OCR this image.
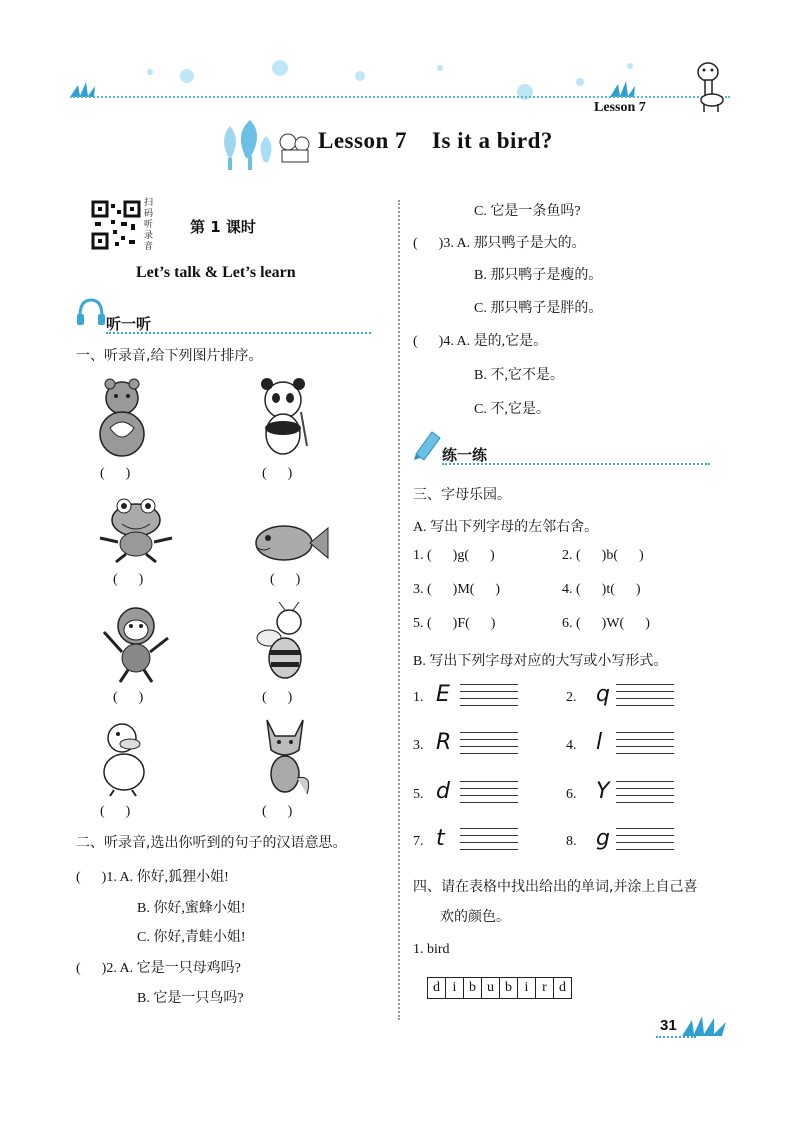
Lesson 7
Lesson 7    Is it a bird?
扫码听录音
第 1 课时
Let’s talk & Let’s learn
听一听
一、听录音,给下列图片排序。
(      )	(      )
(      )	(      )
(      )	(      )
(      )	(      )
二、听录音,选出你听到的句子的汉语意思。
(      )1. A. 你好,狐狸小姐!
B. 你好,蜜蜂小姐!
C. 你好,青蛙小姐!
(      )2. A. 它是一只母鸡吗?
B. 它是一只鸟吗?
C. 它是一条鱼吗?
(      )3. A. 那只鸭子是大的。
B. 那只鸭子是瘦的。
C. 那只鸭子是胖的。
(      )4. A. 是的,它是。
B. 不,它不是。
C. 不,它是。
练一练
三、字母乐园。
A. 写出下列字母的左邻右舍。
1. (      )g(      )	2. (      )b(      )
3. (      )M(      )	4. (      )t(      )
5. (      )F(      )	6. (      )W(      )
B. 写出下列字母对应的大写或小写形式。
1. E	2. q
3. R	4. l
5. d	6. Y
7. t	8. g
四、请在表格中找出给出的单词,并涂上自己喜
欢的颜色。
1. bird
d	i	b	u	b	i	r	d
31
